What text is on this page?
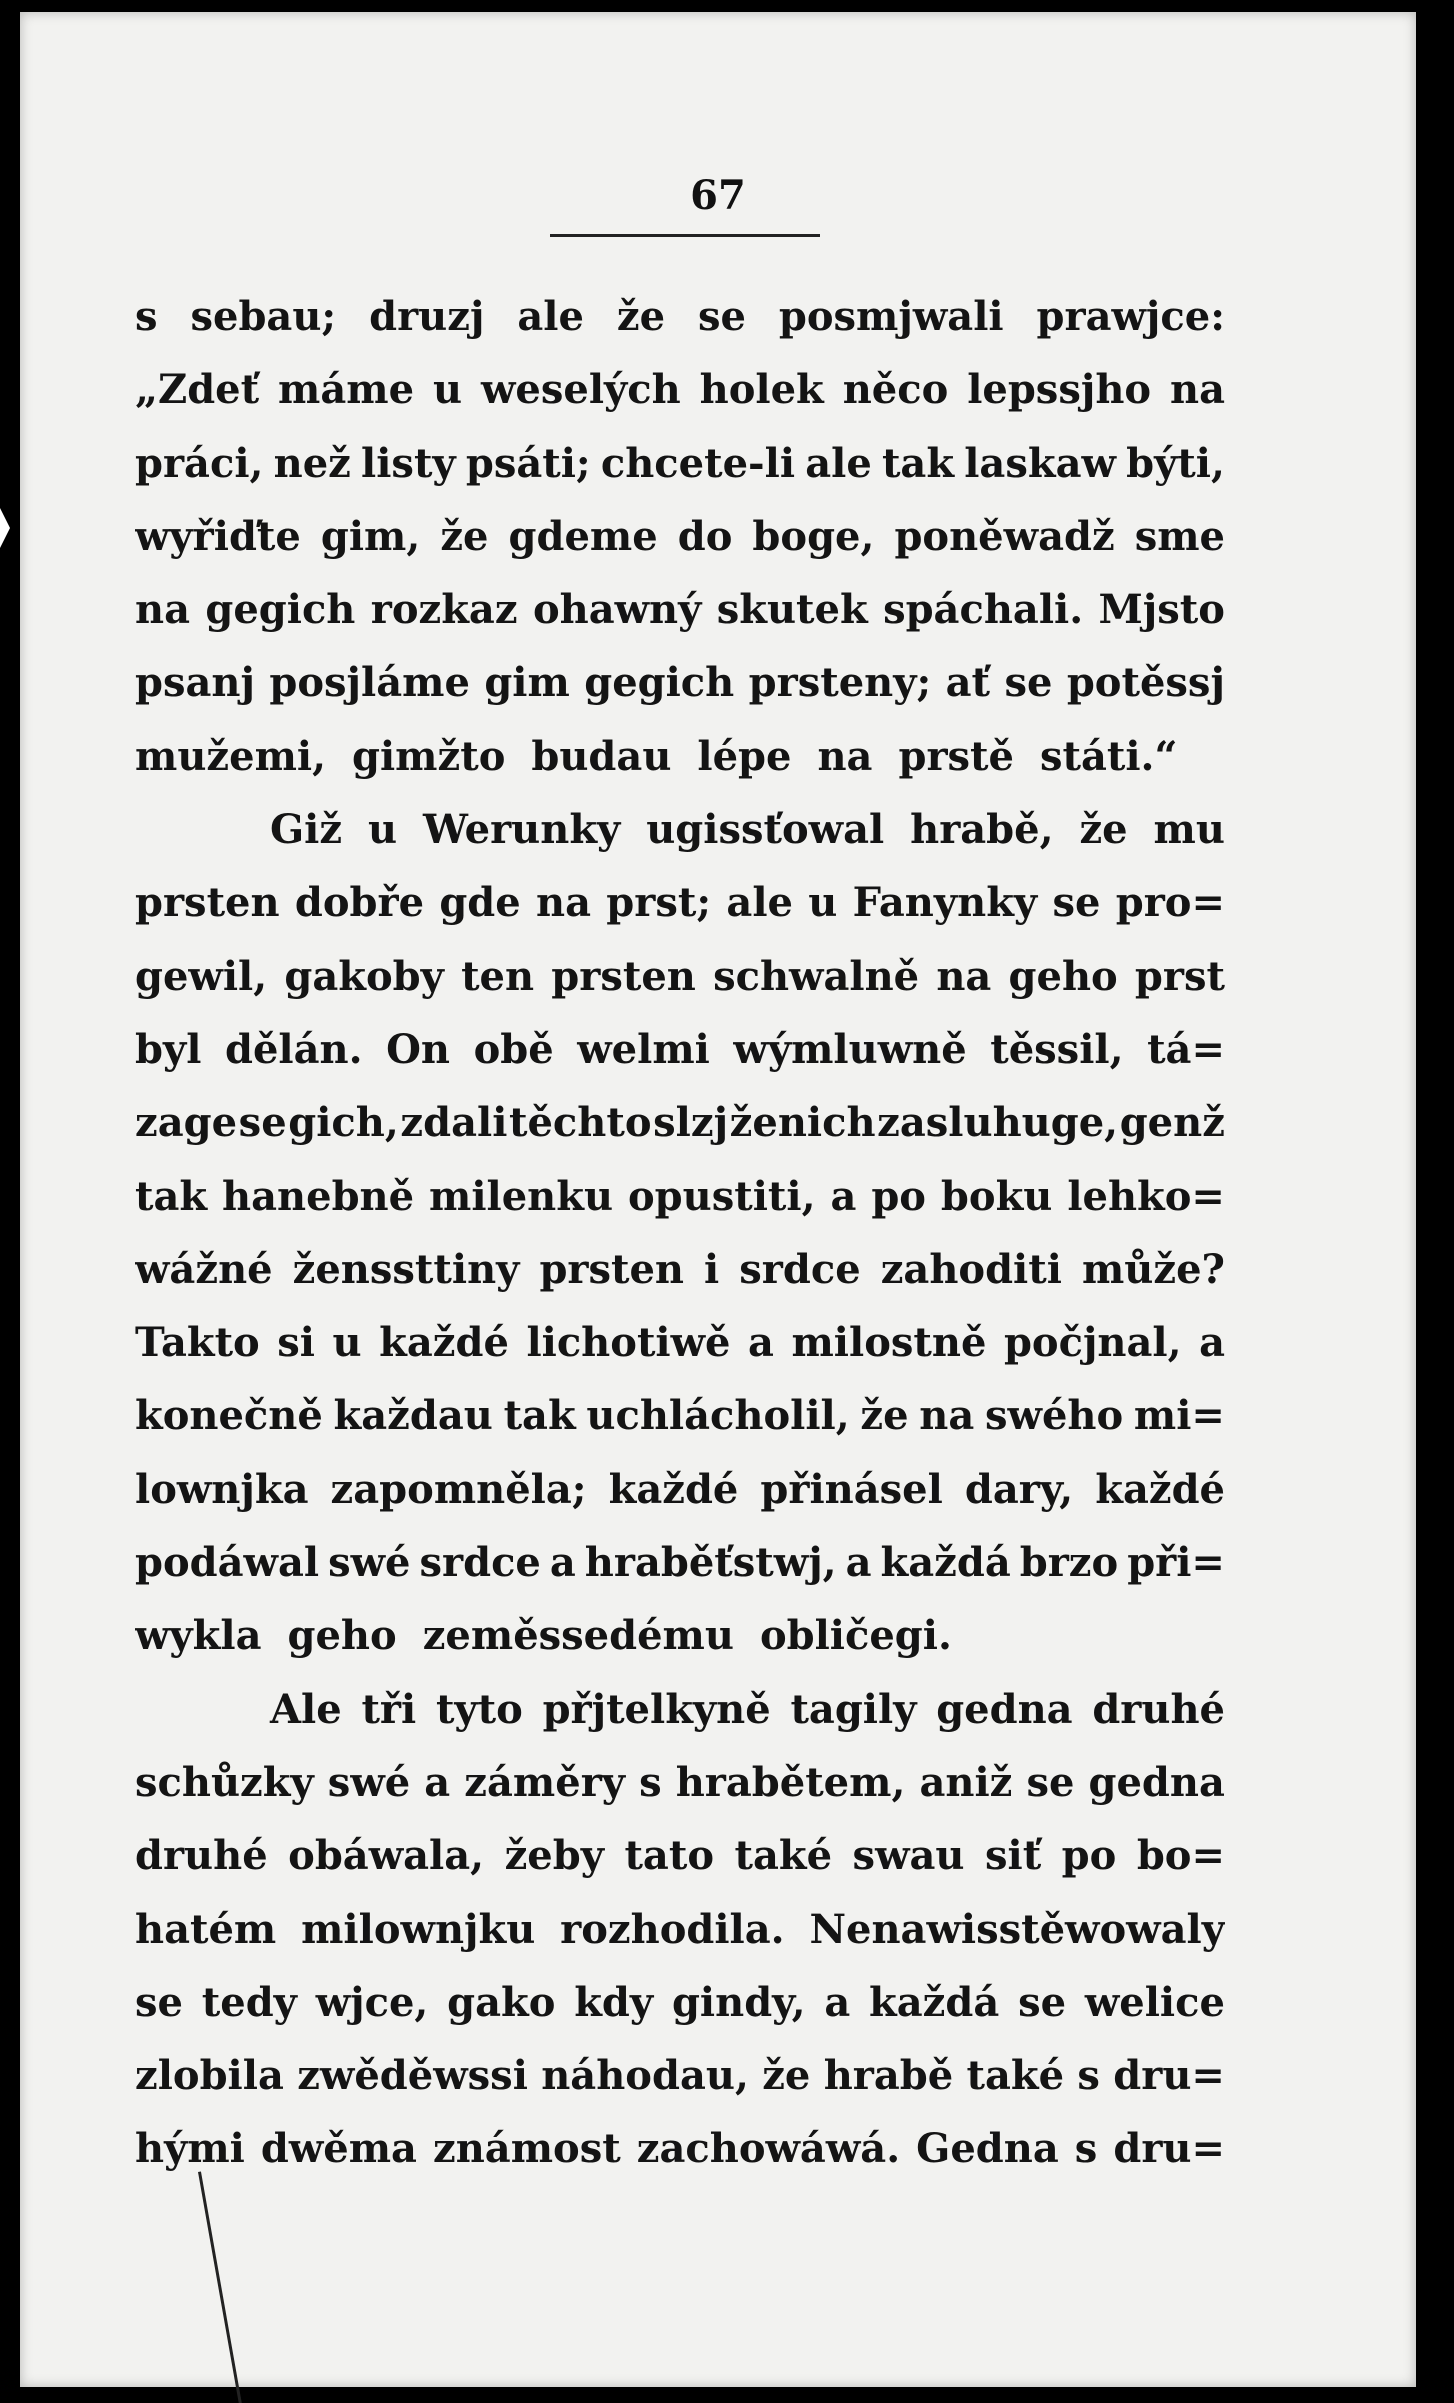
67
s sebau; druzj ale že se posmjwali prawjce:
„Zdeť máme u weselých holek něco lepssjho na
práci, než listy psáti; chcete-li ale tak laskaw býti,
wyřiďte gim, že gdeme do boge, poněwadž sme
na gegich rozkaz ohawný skutek spáchali. Mjsto
psanj posjláme gim gegich prsteny; ať se potěssj
mužemi, gimžto budau lépe na prstě státi.“
Giž u Werunky ugissťowal hrabě, že mu
prsten dobře gde na prst; ale u Fanynky se pro=
gewil, gakoby ten prsten schwalně na geho prst
byl dělán. On obě welmi wýmluwně těssil, tá=
zage se gich, zdali těchto slzj ženich zasluhuge, genž
tak hanebně milenku opustiti, a po boku lehko=
wážné ženssttiny prsten i srdce zahoditi může?
Takto si u každé lichotiwě a milostně počjnal, a
konečně každau tak uchlácholil, že na swého mi=
lownjka zapomněla; každé přinásel dary, každé
podáwal swé srdce a hraběťstwj, a každá brzo při=
wykla geho zeměssedému obličegi.
Ale tři tyto přjtelkyně tagily gedna druhé
schůzky swé a záměry s hrabětem, aniž se gedna
druhé obáwala, žeby tato také swau siť po bo=
hatém milownjku rozhodila. Nenawisstěwowaly
se tedy wjce, gako kdy gindy, a každá se welice
zlobila zwěděwssi náhodau, že hrabě také s dru=
hými dwěma známost zachowáwá. Gedna s dru=
